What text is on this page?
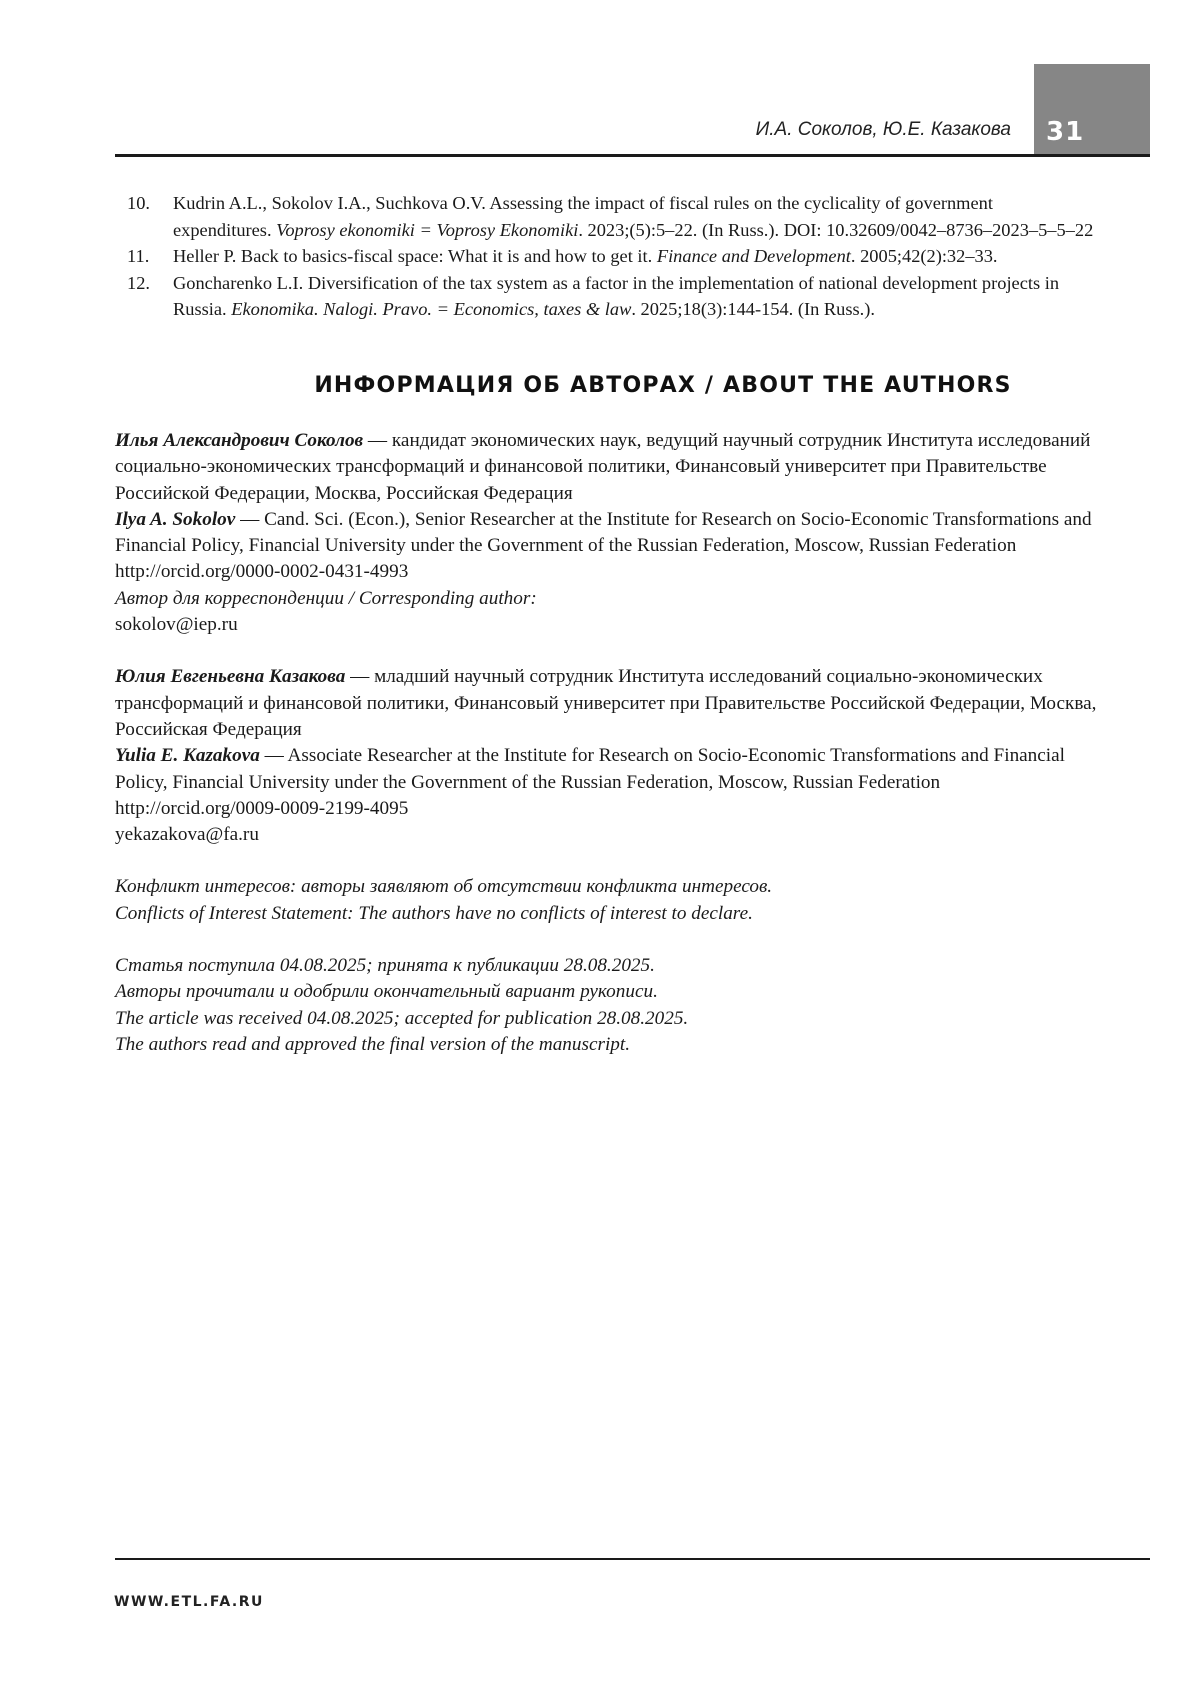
И.А. Соколов, Ю.Е. Казакова 31
10. Kudrin A.L., Sokolov I.A., Suchkova O.V. Assessing the impact of fiscal rules on the cyclicality of government expenditures. Voprosy ekonomiki = Voprosy Ekonomiki. 2023;(5):5–22. (In Russ.). DOI: 10.32609/0042–8736–2023–5–5–22
11. Heller P. Back to basics-fiscal space: What it is and how to get it. Finance and Development. 2005;42(2):32–33.
12. Goncharenko L.I. Diversification of the tax system as a factor in the implementation of national development projects in Russia. Ekonomika. Nalogi. Pravo. = Economics, taxes & law. 2025;18(3):144-154. (In Russ.).
ИНФОРМАЦИЯ ОБ АВТОРАХ / ABOUT THE AUTHORS

Илья Александрович Соколов — кандидат экономических наук, ведущий научный сотрудник Института исследований социально-экономических трансформаций и финансовой политики, Финансовый университет при Правительстве Российской Федерации, Москва, Российская Федерация

Ilya A. Sokolov — Cand. Sci. (Econ.), Senior Researcher at the Institute for Research on Socio-Economic Transformations and Financial Policy, Financial University under the Government of the Russian Federation, Moscow, Russian Federation

http://orcid.org/0000-0002-0431-4993

Автор для корреспонденции / Corresponding author:

sokolov@iep.ru

Юлия Евгеньевна Казакова — младший научный сотрудник Института исследований социально-экономических трансформаций и финансовой политики, Финансовый университет при Правительстве Российской Федерации, Москва, Российская Федерация

Yulia E. Kazakova — Associate Researcher at the Institute for Research on Socio-Economic Transformations and Financial Policy, Financial University under the Government of the Russian Federation, Moscow, Russian Federation

http://orcid.org/0009-0009-2199-4095

yekazakova@fa.ru

Конфликт интересов: авторы заявляют об отсутствии конфликта интересов.

Conflicts of Interest Statement: The authors have no conflicts of interest to declare.

Статья поступила 04.08.2025; принята к публикации 28.08.2025.

Авторы прочитали и одобрили окончательный вариант рукописи.

The article was received 04.08.2025; accepted for publication 28.08.2025.

The authors read and approved the final version of the manuscript.

WWW.ETL.FA.RU
